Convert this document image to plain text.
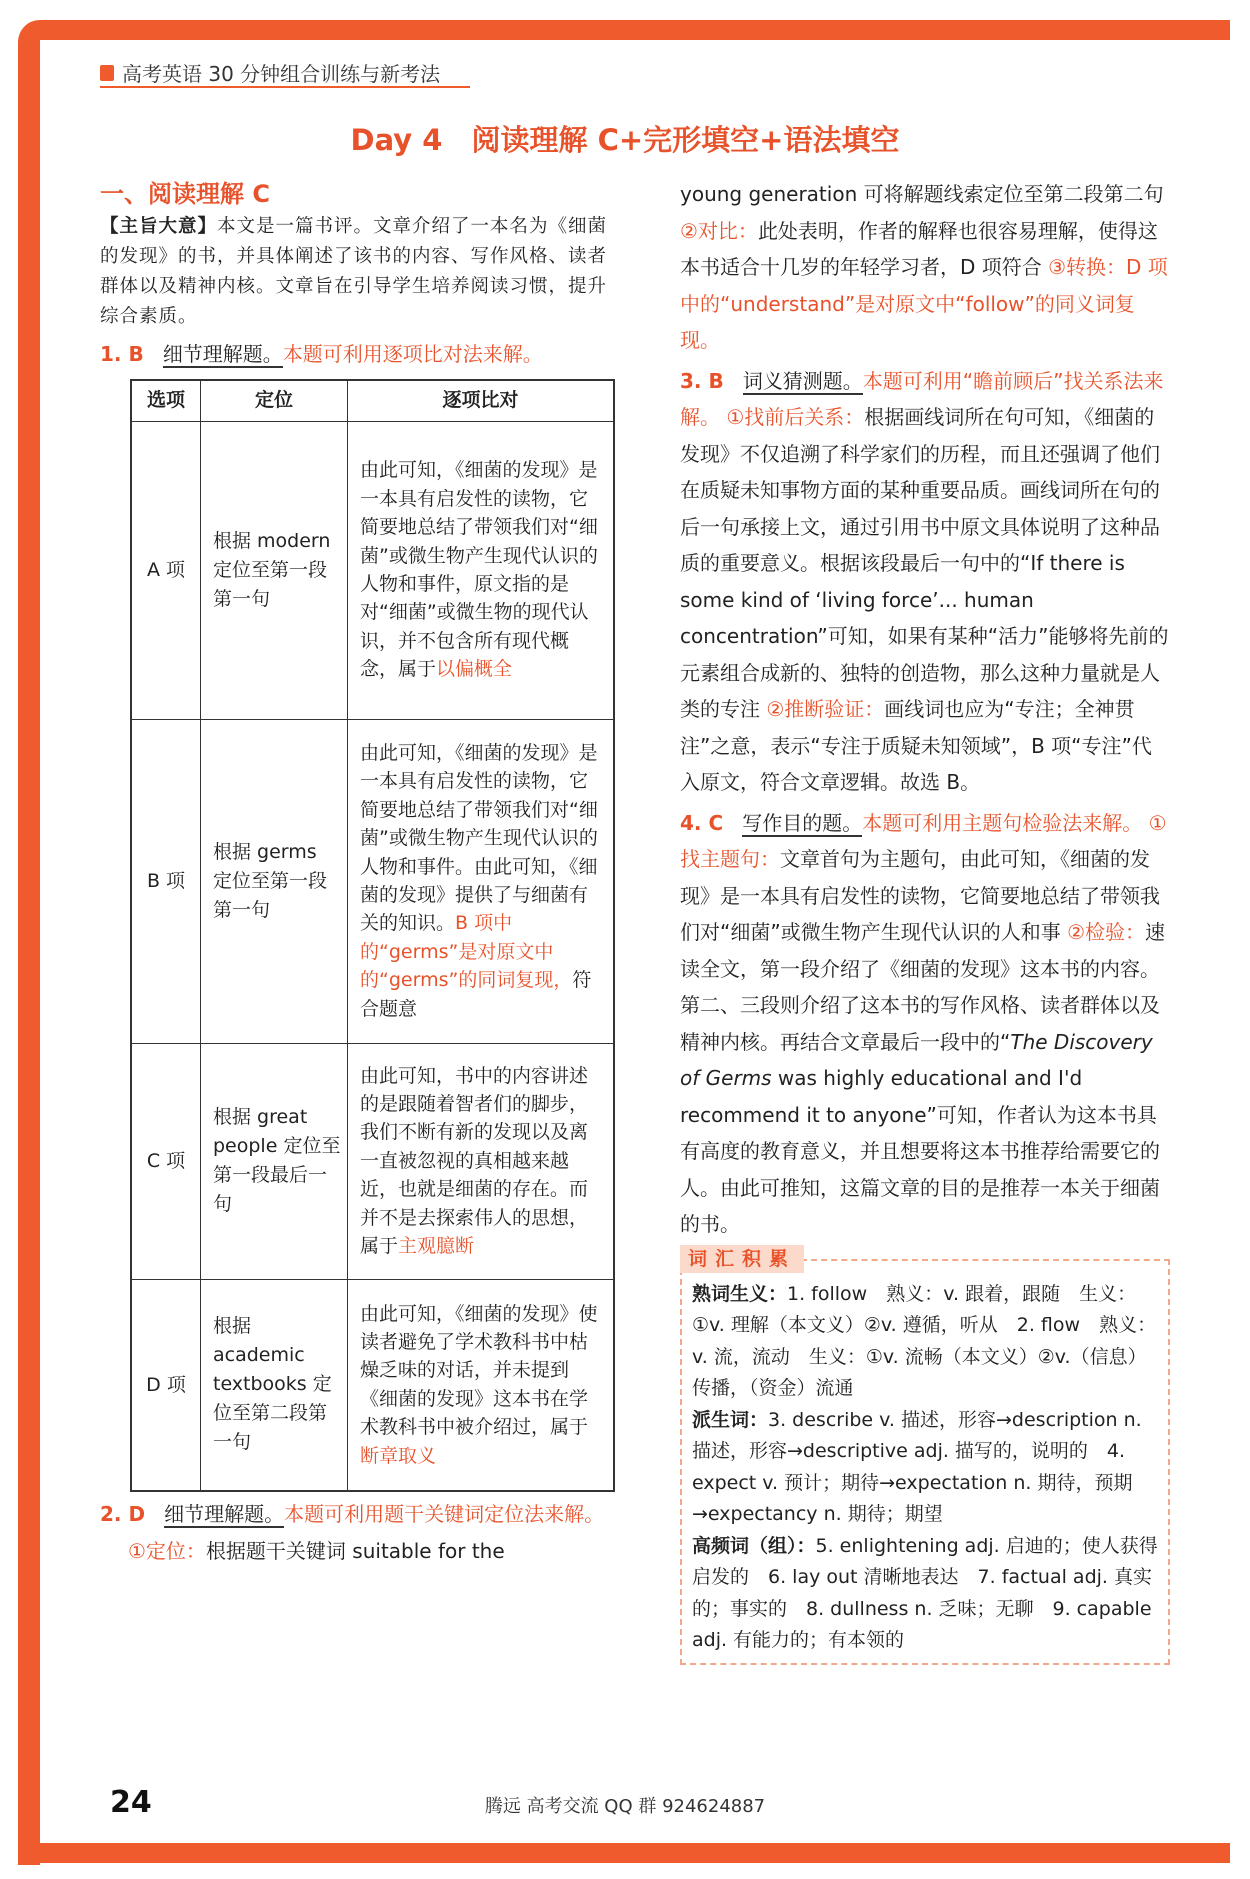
高考英语 30 分钟组合训练与新考法
Day 4　阅读理解 C+完形填空+语法填空
一、阅读理解 C
【主旨大意】本文是一篇书评。文章介绍了一本名为《细菌的发现》的书，并具体阐述了该书的内容、写作风格、读者群体以及精神内核。文章旨在引导学生培养阅读习惯，提升综合素质。
1. B 细节理解题。本题可利用逐项比对法来解。
选项	定位	逐项比对
A 项	根据 modern 定位至第一段第一句	由此可知，《细菌的发现》是一本具有启发性的读物，它简要地总结了带领我们对“细菌”或微生物产生现代认识的人物和事件，原文指的是对“细菌”或微生物的现代认识，并不包含所有现代概念，属于以偏概全
B 项	根据 germs 定位至第一段第一句	由此可知，《细菌的发现》是一本具有启发性的读物，它简要地总结了带领我们对“细菌”或微生物产生现代认识的人物和事件。由此可知，《细菌的发现》提供了与细菌有关的知识。B 项中的“germs”是对原文中的“germs”的同词复现，符合题意
C 项	根据 great people 定位至第一段最后一句	由此可知，书中的内容讲述的是跟随着智者们的脚步，我们不断有新的发现以及离一直被忽视的真相越来越近，也就是细菌的存在。而并不是去探索伟人的思想，属于主观臆断
D 项	根据 academic textbooks 定位至第二段第一句	由此可知，《细菌的发现》使读者避免了学术教科书中枯燥乏味的对话，并未提到《细菌的发现》这本书在学术教科书中被介绍过，属于断章取义
2. D 细节理解题。本题可利用题干关键词定位法来解。
①定位：根据题干关键词 suitable for the
young generation 可将解题线索定位至第二段第二句 ②对比：此处表明，作者的解释也很容易理解，使得这本书适合十几岁的年轻学习者，D 项符合 ③转换：D 项中的“understand”是对原文中“follow”的同义词复现。
3. B 词义猜测题。本题可利用“瞻前顾后”找关系法来解。 ①找前后关系：根据画线词所在句可知，《细菌的发现》不仅追溯了科学家们的历程，而且还强调了他们在质疑未知事物方面的某种重要品质。画线词所在句的后一句承接上文，通过引用书中原文具体说明了这种品质的重要意义。根据该段最后一句中的“If there is some kind of ‘living force’... human concentration”可知，如果有某种“活力”能够将先前的元素组合成新的、独特的创造物，那么这种力量就是人类的专注 ②推断验证：画线词也应为“专注；全神贯注”之意，表示“专注于质疑未知领域”，B 项“专注”代入原文，符合文章逻辑。故选 B。
4. C 写作目的题。本题可利用主题句检验法来解。 ①找主题句：文章首句为主题句，由此可知，《细菌的发现》是一本具有启发性的读物，它简要地总结了带领我们对“细菌”或微生物产生现代认识的人和事 ②检验：速读全文，第一段介绍了《细菌的发现》这本书的内容。第二、三段则介绍了这本书的写作风格、读者群体以及精神内核。再结合文章最后一段中的“The Discovery of Germs was highly educational and I'd recommend it to anyone”可知，作者认为这本书具有高度的教育意义，并且想要将这本书推荐给需要它的人。由此可推知，这篇文章的目的是推荐一本关于细菌的书。
词汇积累
熟词生义：1. follow　熟义：v. 跟着，跟随　生义：①v. 理解（本文义）②v. 遵循，听从　2. flow　熟义：v. 流，流动　生义：①v. 流畅（本文义）②v.（信息）传播，（资金）流通
派生词：3. describe v. 描述，形容→description n. 描述，形容→descriptive adj. 描写的，说明的　4. expect v. 预计；期待→expectation n. 期待，预期→expectancy n. 期待；期望
高频词（组）：5. enlightening adj. 启迪的；使人获得启发的　6. lay out 清晰地表达　7. factual adj. 真实的；事实的　8. dullness n. 乏味；无聊　9. capable adj. 有能力的；有本领的
24	腾远 高考交流 QQ 群 924624887
